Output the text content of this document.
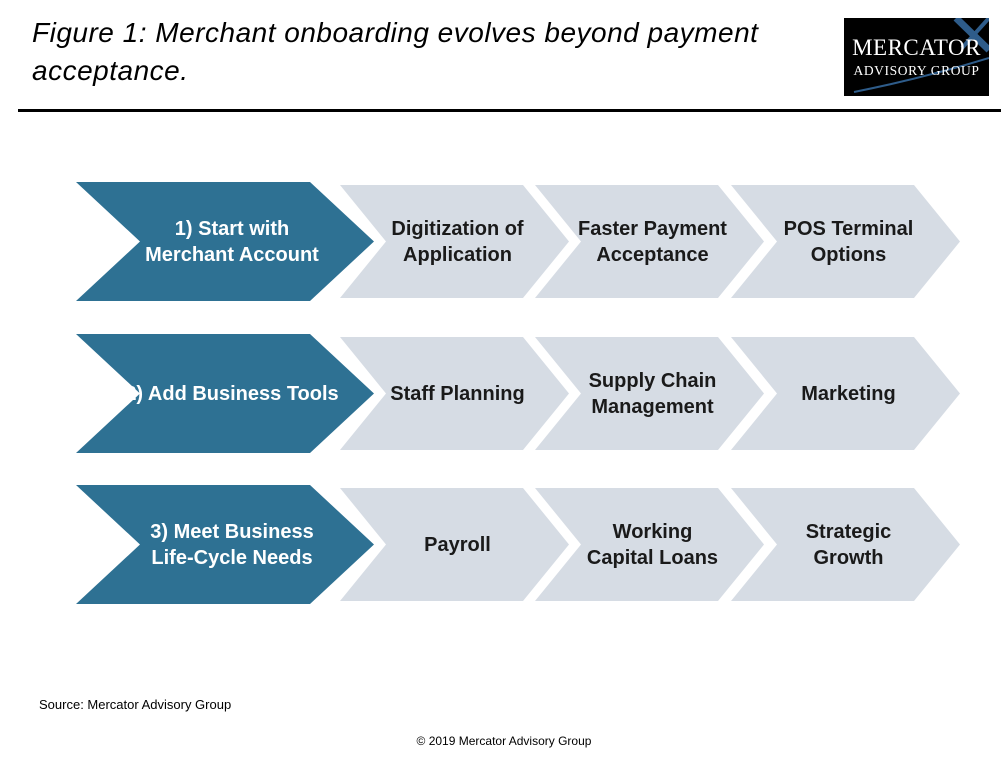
Figure 1: Merchant onboarding evolves beyond payment acceptance.
MERCATOR
ADVISORY GROUP
POS Terminal
Options
Faster Payment
Acceptance
Digitization of
Application
1) Start with
Merchant Account
Marketing
Supply Chain
Management
Staff Planning
2) Add Business Tools
Strategic
Growth
Working
Capital Loans
Payroll
3) Meet Business
Life-Cycle Needs
Source: Mercator Advisory Group
© 2019 Mercator Advisory Group
